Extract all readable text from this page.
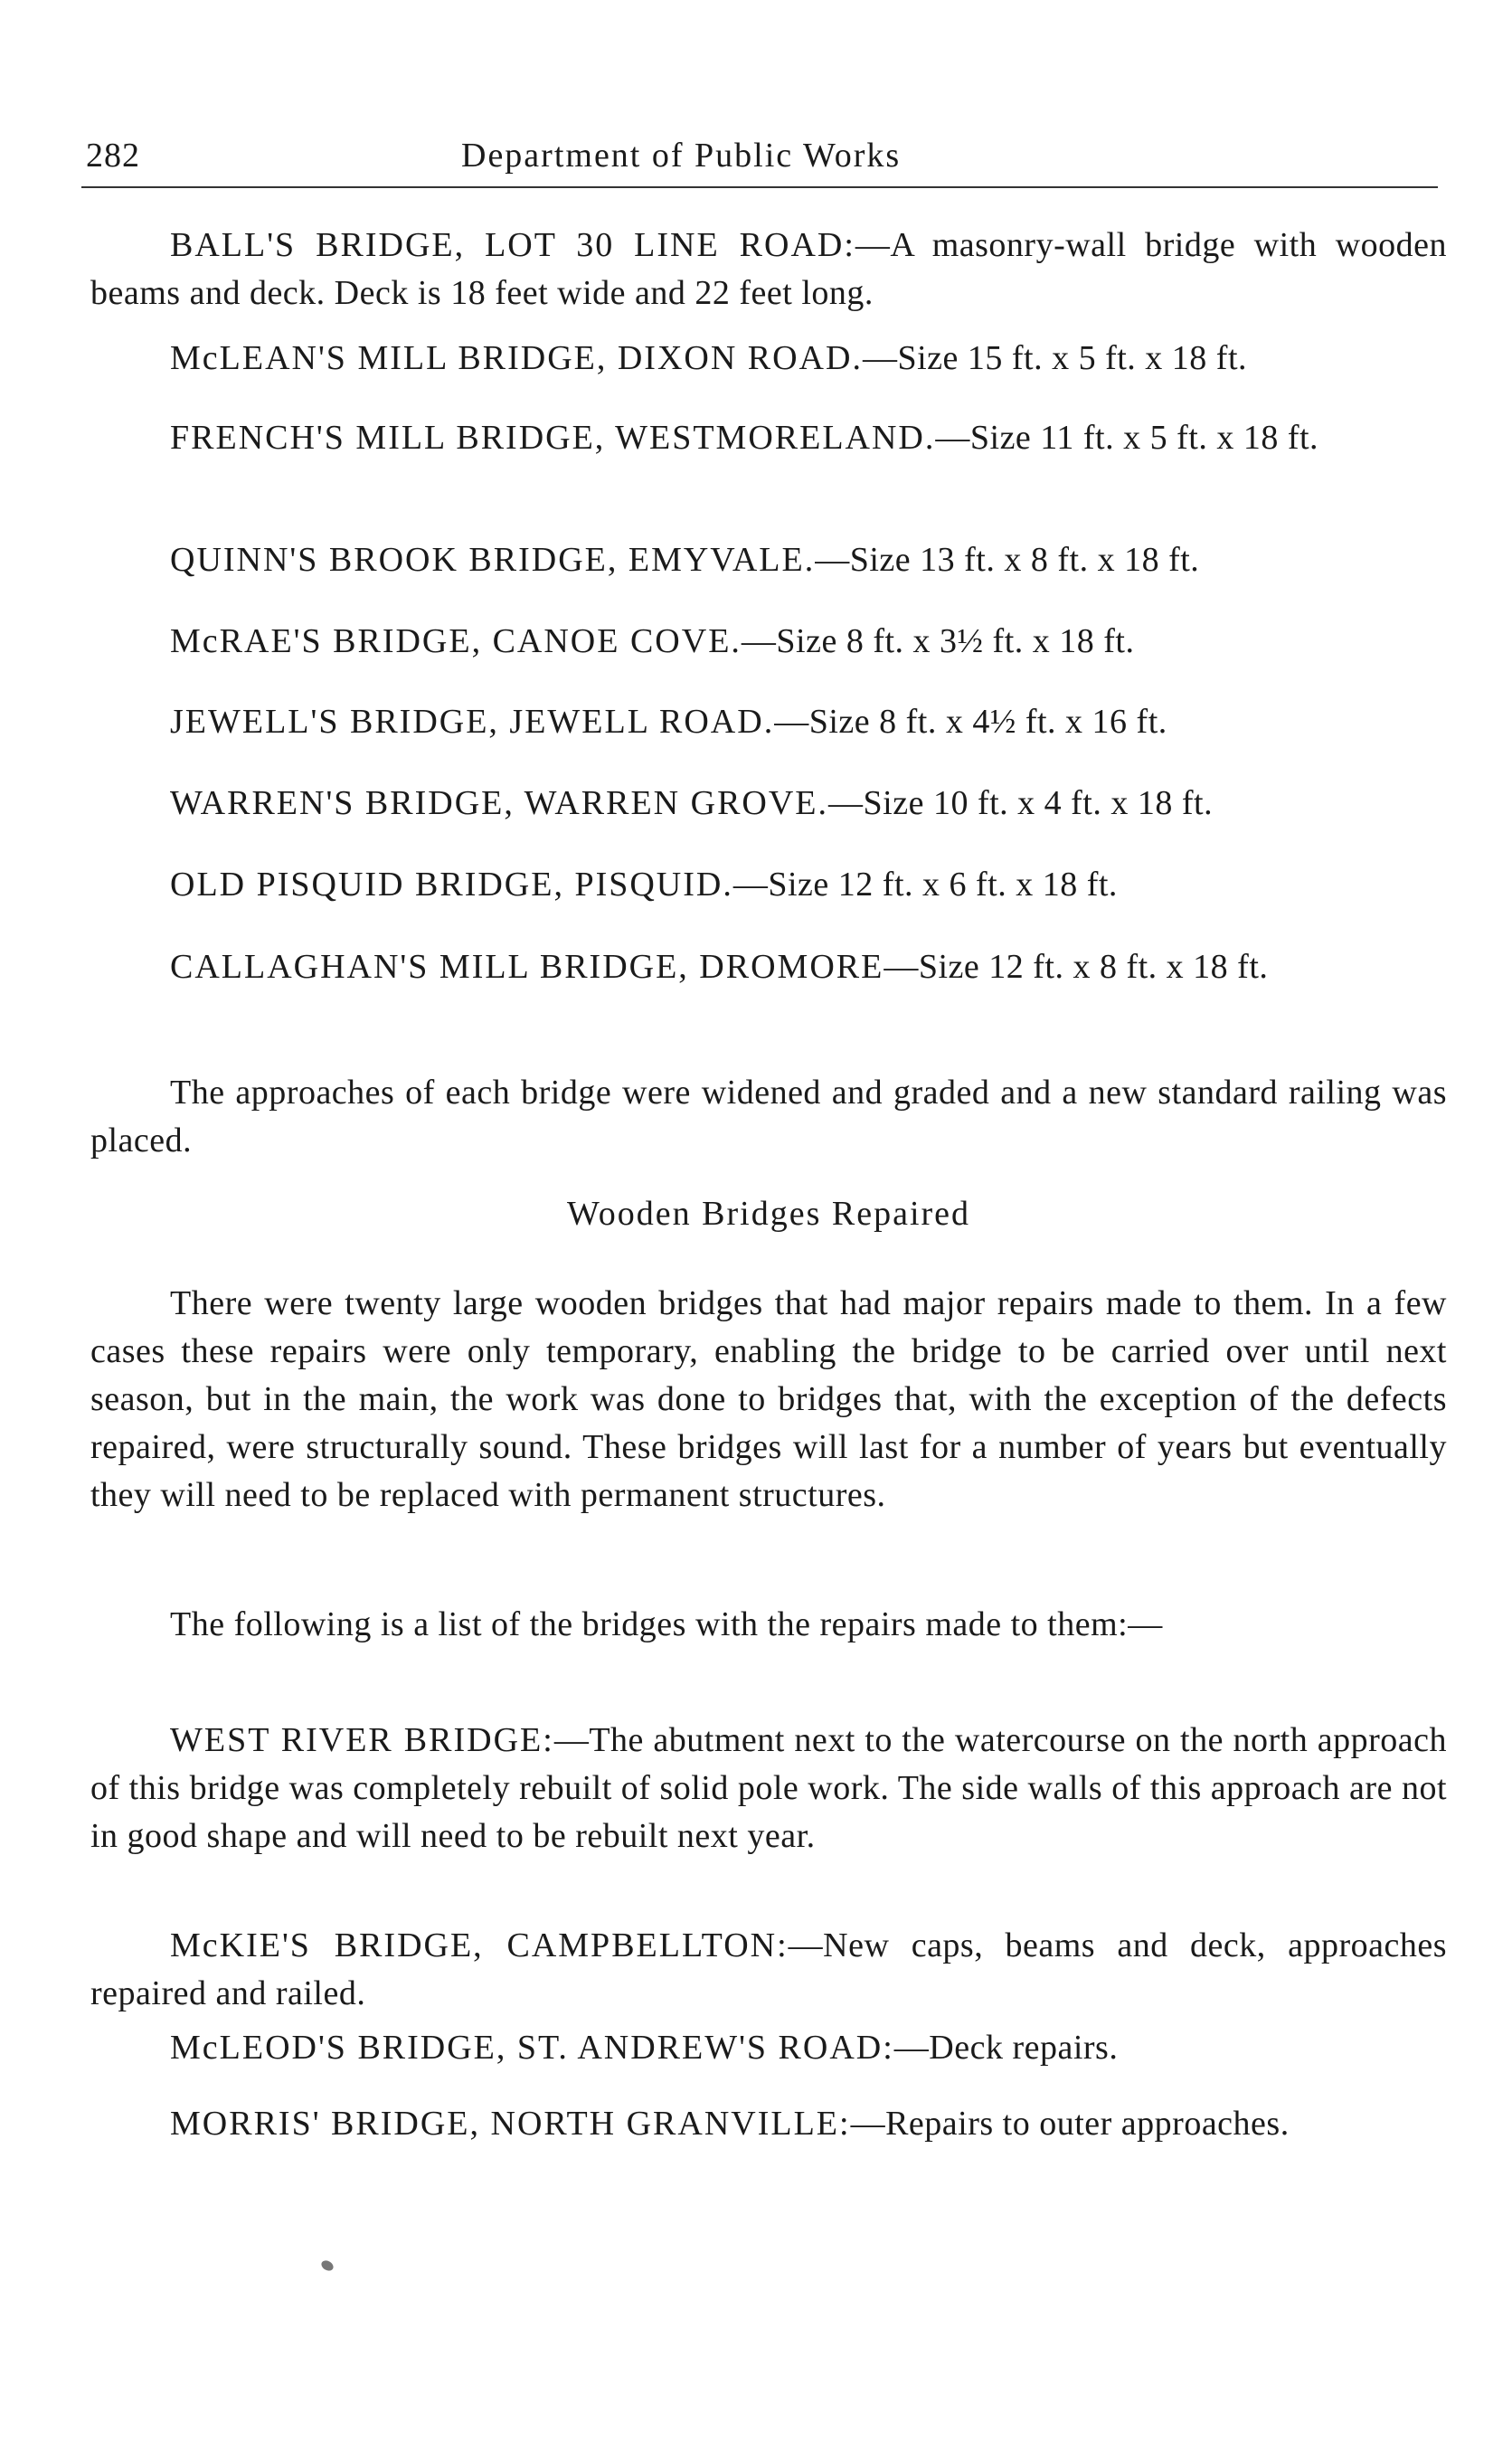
282	Department of Public Works

BALL'S BRIDGE, LOT 30 LINE ROAD:—A masonry-wall bridge with wooden beams and deck. Deck is 18 feet wide and 22 feet long.

McLEAN'S MILL BRIDGE, DIXON ROAD.—Size 15 ft. x 5 ft. x 18 ft.

FRENCH'S MILL BRIDGE, WESTMORELAND.—Size 11 ft. x 5 ft. x 18 ft.

QUINN'S BROOK BRIDGE, EMYVALE.—Size 13 ft. x 8 ft. x 18 ft.

McRAE'S BRIDGE, CANOE COVE.—Size 8 ft. x 3½ ft. x 18 ft.

JEWELL'S BRIDGE, JEWELL ROAD.—Size 8 ft. x 4½ ft. x 16 ft.

WARREN'S BRIDGE, WARREN GROVE.—Size 10 ft. x 4 ft. x 18 ft.

OLD PISQUID BRIDGE, PISQUID.—Size 12 ft. x 6 ft. x 18 ft.

CALLAGHAN'S MILL BRIDGE, DROMORE—Size 12 ft. x 8 ft. x 18 ft.

The approaches of each bridge were widened and graded and a new standard railing was placed.

Wooden Bridges Repaired

There were twenty large wooden bridges that had major repairs made to them. In a few cases these repairs were only temporary, enabling the bridge to be carried over until next season, but in the main, the work was done to bridges that, with the exception of the defects repaired, were structurally sound. These bridges will last for a number of years but eventually they will need to be replaced with permanent structures.

The following is a list of the bridges with the repairs made to them:—

WEST RIVER BRIDGE:—The abutment next to the watercourse on the north approach of this bridge was completely rebuilt of solid pole work. The side walls of this approach are not in good shape and will need to be rebuilt next year.

McKIE'S BRIDGE, CAMPBELLTON:—New caps, beams and deck, approaches repaired and railed.

McLEOD'S BRIDGE, ST. ANDREW'S ROAD:—Deck repairs.

MORRIS' BRIDGE, NORTH GRANVILLE:—Repairs to outer approaches.
